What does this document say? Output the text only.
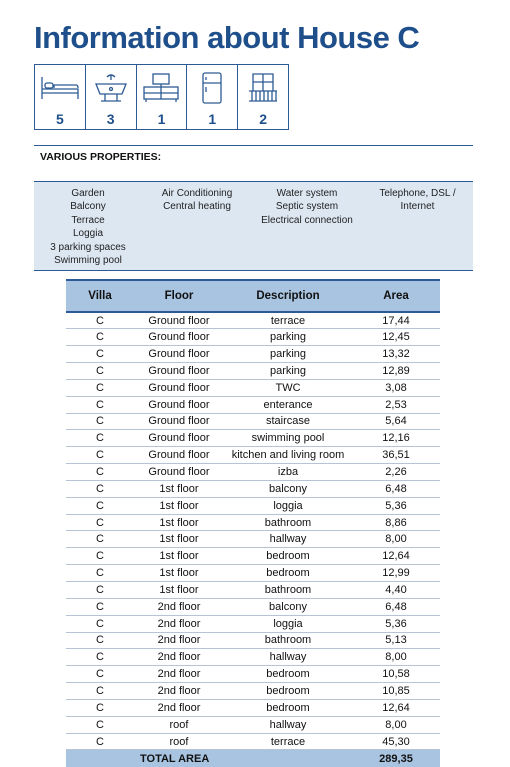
Information about House C
5	3	1	1	2
VARIOUS PROPERTIES:
Garden
Balcony
Terrace
Loggia
3 parking spaces
Swimming pool
Air Conditioning
Central heating
Water system
Septic system
Electrical connection
Telephone, DSL /
Internet
Villa	Floor	Description	Area
C	Ground floor	terrace	17,44
C	Ground floor	parking	12,45
C	Ground floor	parking	13,32
C	Ground floor	parking	12,89
C	Ground floor	TWC	3,08
C	Ground floor	enterance	2,53
C	Ground floor	staircase	5,64
C	Ground floor	swimming pool	12,16
C	Ground floor	kitchen and living room	36,51
C	Ground floor	izba	2,26
C	1st floor	balcony	6,48
C	1st floor	loggia	5,36
C	1st floor	bathroom	8,86
C	1st floor	hallway	8,00
C	1st floor	bedroom	12,64
C	1st floor	bedroom	12,99
C	1st floor	bathroom	4,40
C	2nd floor	balcony	6,48
C	2nd floor	loggia	5,36
C	2nd floor	bathroom	5,13
C	2nd floor	hallway	8,00
C	2nd floor	bedroom	10,58
C	2nd floor	bedroom	10,85
C	2nd floor	bedroom	12,64
C	roof	hallway	8,00
C	roof	terrace	45,30
	TOTAL AREA		289,35
